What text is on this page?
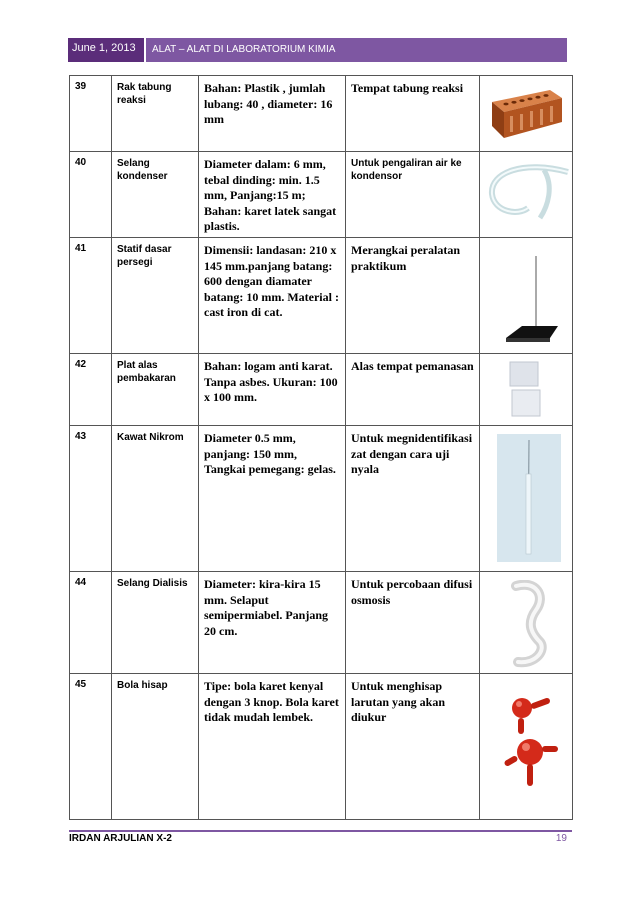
June 1, 2013	ALAT – ALAT DI LABORATORIUM KIMIA
39	Rak tabung reaksi	Bahan: Plastik , jumlah lubang: 40 , diameter: 16 mm	Tempat tabung reaksi	

40	Selang kondenser	Diameter dalam: 6 mm, tebal dinding: min. 1.5 mm, Panjang:15 m; Bahan: karet latek sangat plastis.	Untuk pengaliran air ke kondensor	

41	Statif dasar persegi	Dimensii: landasan: 210 x 145 mm.panjang batang: 600 dengan diamater batang: 10 mm. Material : cast iron di cat.	Merangkai peralatan praktikum	

42	Plat alas pembakaran	Bahan: logam anti karat. Tanpa asbes. Ukuran: 100 x 100 mm.	Alas tempat pemanasan	

43	Kawat Nikrom	Diameter 0.5 mm, panjang: 150 mm, Tangkai pemegang: gelas.	Untuk megnidentifikasi zat dengan cara uji nyala	

44	Selang Dialisis	Diameter: kira-kira 15 mm. Selaput semipermiabel. Panjang 20 cm.	Untuk percobaan difusi osmosis	

45	Bola hisap	Tipe: bola karet kenyal dengan 3 knop. Bola karet tidak mudah lembek.	Untuk menghisap larutan yang akan diukur	
IRDAN ARJULIAN X-2	19
